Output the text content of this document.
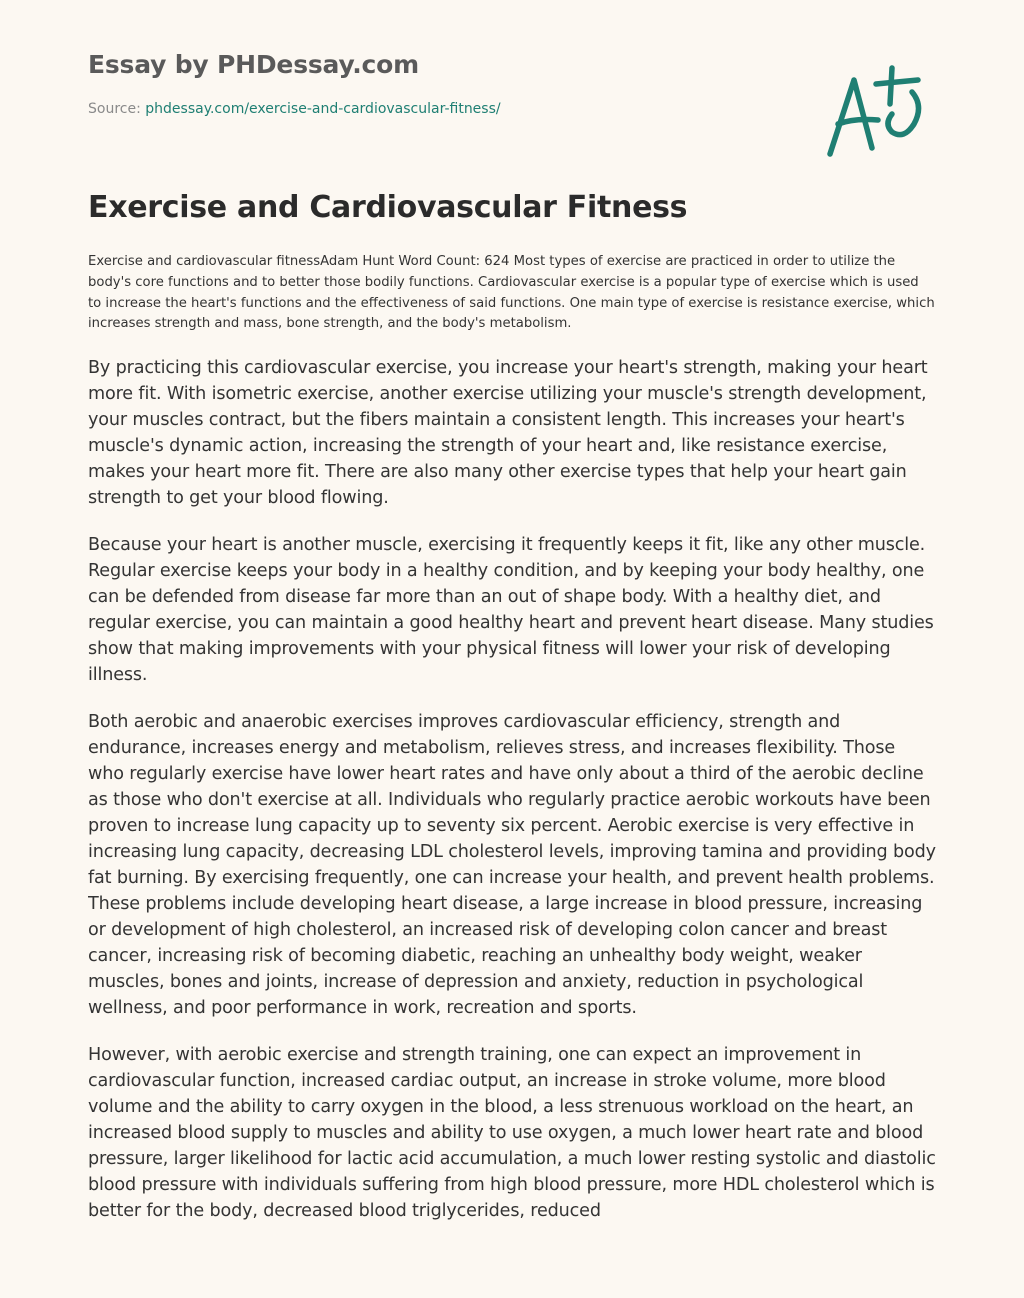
Essay by PHDessay.com
Source: phdessay.com/exercise-and-cardiovascular-fitness/
Exercise and Cardiovascular Fitness

Exercise and cardiovascular fitnessAdam Hunt Word Count: 624 Most types of exercise are practiced in order to utilize the body's core functions and to better those bodily functions. Cardiovascular exercise is a popular type of exercise which is used to increase the heart's functions and the effectiveness of said functions. One main type of exercise is resistance exercise, which increases strength and mass, bone strength, and the body's metabolism.

By practicing this cardiovascular exercise, you increase your heart's strength, making your heart more fit. With isometric exercise, another exercise utilizing your muscle's strength development, your muscles contract, but the fibers maintain a consistent length. This increases your heart's muscle's dynamic action, increasing the strength of your heart and, like resistance exercise, makes your heart more fit. There are also many other exercise types that help your heart gain strength to get your blood flowing.

Because your heart is another muscle, exercising it frequently keeps it fit, like any other muscle. Regular exercise keeps your body in a healthy condition, and by keeping your body healthy, one can be defended from disease far more than an out of shape body. With a healthy diet, and regular exercise, you can maintain a good healthy heart and prevent heart disease. Many studies show that making improvements with your physical fitness will lower your risk of developing illness.

Both aerobic and anaerobic exercises improves cardiovascular efficiency, strength and endurance, increases energy and metabolism, relieves stress, and increases flexibility. Those who regularly exercise have lower heart rates and have only about a third of the aerobic decline as those who don't exercise at all. Individuals who regularly practice aerobic workouts have been proven to increase lung capacity up to seventy six percent. Aerobic exercise is very effective in increasing lung capacity, decreasing LDL cholesterol levels, improving tamina and providing body fat burning. By exercising frequently, one can increase your health, and prevent health problems. These problems include developing heart disease, a large increase in blood pressure, increasing or development of high cholesterol, an increased risk of developing colon cancer and breast cancer, increasing risk of becoming diabetic, reaching an unhealthy body weight, weaker muscles, bones and joints, increase of depression and anxiety, reduction in psychological wellness, and poor performance in work, recreation and sports.

However, with aerobic exercise and strength training, one can expect an improvement in cardiovascular function, increased cardiac output, an increase in stroke volume, more blood volume and the ability to carry oxygen in the blood, a less strenuous workload on the heart, an increased blood supply to muscles and ability to use oxygen, a much lower heart rate and blood pressure, larger likelihood for lactic acid accumulation, a much lower resting systolic and diastolic blood pressure with individuals suffering from high blood pressure, more HDL cholesterol which is better for the body, decreased blood triglycerides, reduced
